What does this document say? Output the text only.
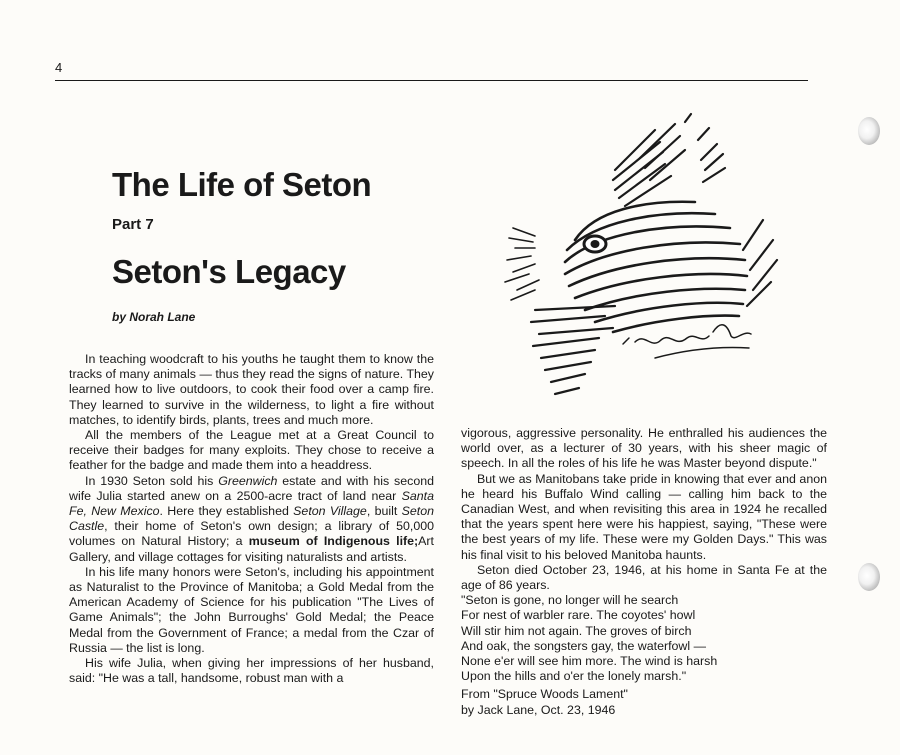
4
The Life of Seton
Part 7
Seton's Legacy
by Norah Lane

In teaching woodcraft to his youths he taught them to know the tracks of many animals — thus they read the signs of nature. They learned how to live outdoors, to cook their food over a camp fire. They learned to survive in the wilderness, to light a fire without matches, to identify birds, plants, trees and much more.

All the members of the League met at a Great Council to receive their badges for many exploits. They chose to receive a feather for the badge and made them into a headdress.

In 1930 Seton sold his Greenwich estate and with his second wife Julia started anew on a 2500-acre tract of land near Santa Fe, New Mexico. Here they established Seton Village, built Seton Castle, their home of Seton's own design; a library of 50,000 volumes on Natural History; a museum of Indigenous life;Art Gallery, and village cottages for visiting naturalists and artists.

In his life many honors were Seton's, including his appointment as Naturalist to the Province of Manitoba; a Gold Medal from the American Academy of Science for his publication "The Lives of Game Animals"; the John Burroughs' Gold Medal; the Peace Medal from the Government of France; a medal from the Czar of Russia — the list is long.

His wife Julia, when giving her impressions of her husband, said: "He was a tall, handsome, robust man with a

vigorous, aggressive personality. He enthralled his audiences the world over, as a lecturer of 30 years, with his sheer magic of speech. In all the roles of his life he was Master beyond dispute."

But we as Manitobans take pride in knowing that ever and anon he heard his Buffalo Wind calling — calling him back to the Canadian West, and when revisiting this area in 1924 he recalled that the years spent here were his happiest, saying, "These were the best years of my life. These were my Golden Days." This was his final visit to his beloved Manitoba haunts.

Seton died October 23, 1946, at his home in Santa Fe at the age of 86 years.

"Seton is gone, no longer will he search
For nest of warbler rare. The coyotes' howl
Will stir him not again. The groves of birch
And oak, the songsters gay, the waterfowl —
None e'er will see him more. The wind is harsh
Upon the hills and o'er the lonely marsh."
From "Spruce Woods Lament"
by Jack Lane, Oct. 23, 1946
